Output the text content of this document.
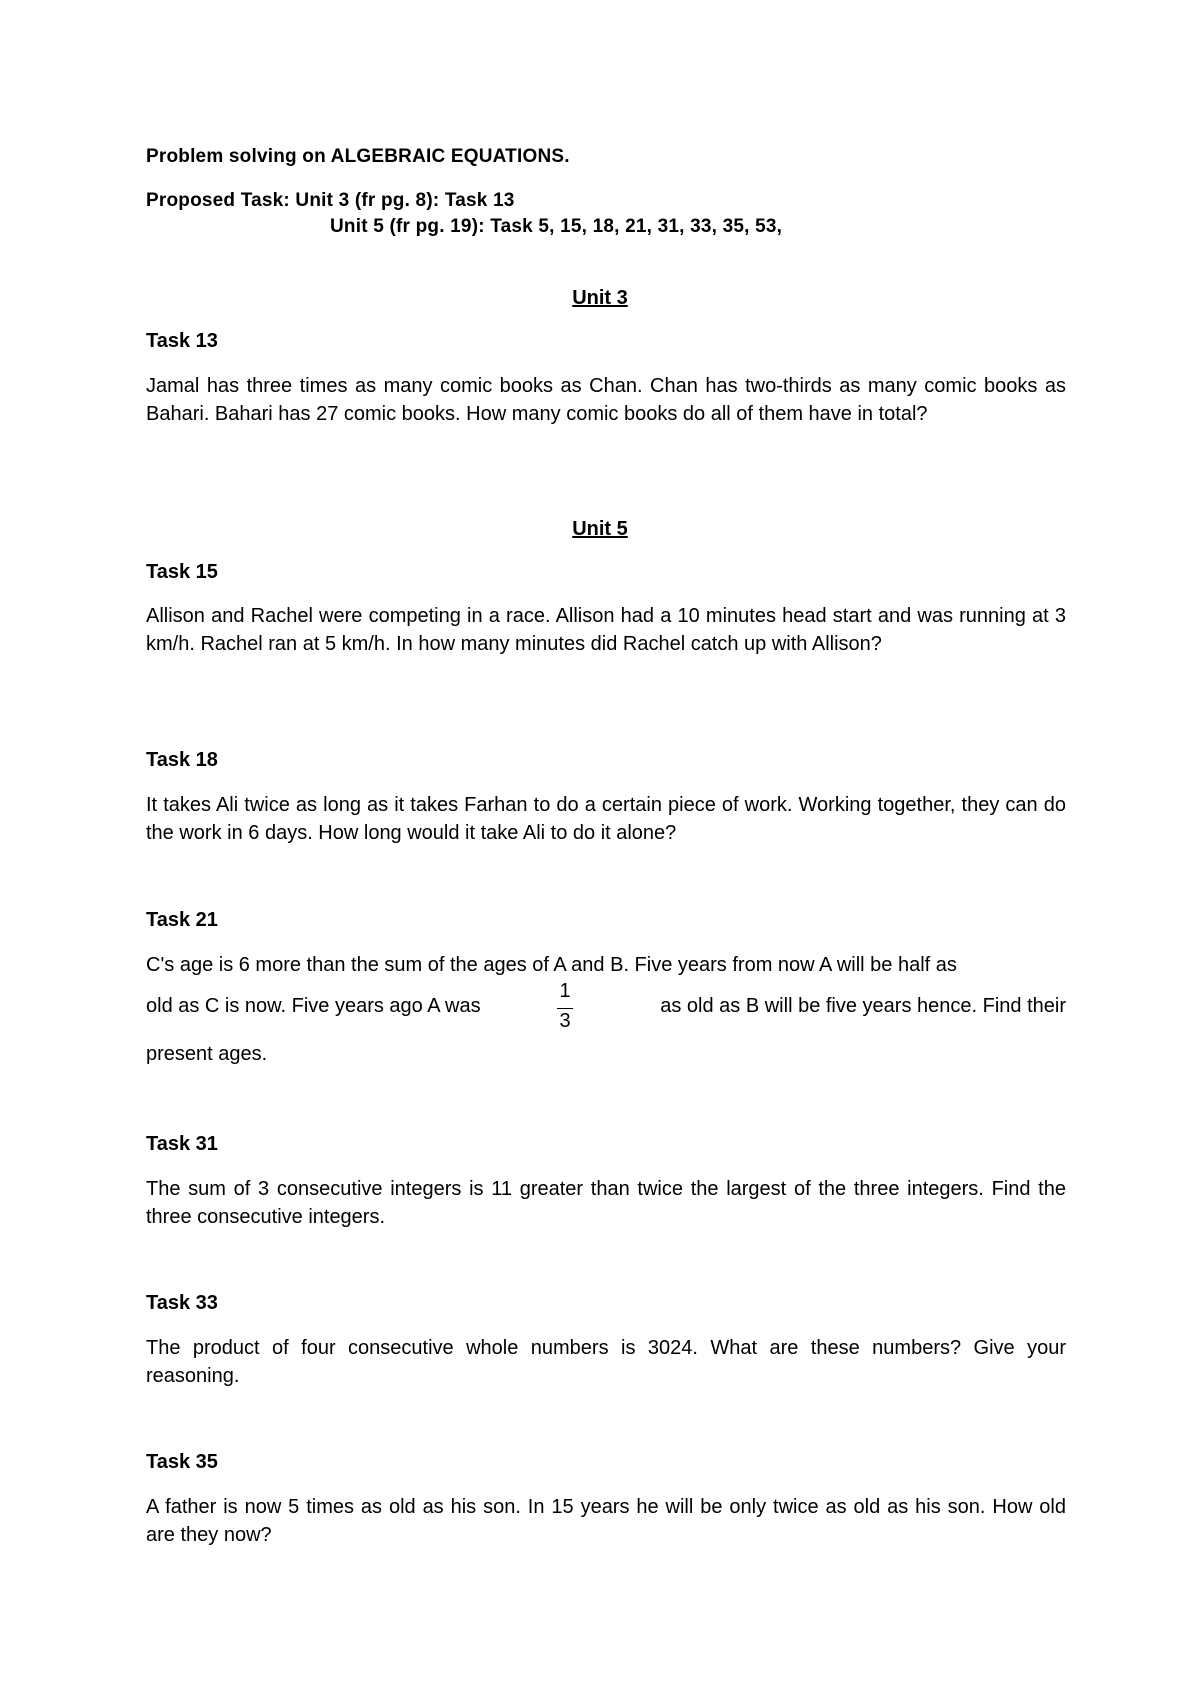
Problem solving on ALGEBRAIC EQUATIONS.

Proposed Task: Unit 3 (fr pg. 8): Task 13

Unit 5 (fr pg. 19): Task 5, 15, 18, 21, 31, 33, 35, 53,

Unit 3

Task 13

Jamal has three times as many comic books as Chan. Chan has two-thirds as many comic books as Bahari. Bahari has 27 comic books. How many comic books do all of them have in total?

Unit 5

Task 15

Allison and Rachel were competing in a race. Allison had a 10 minutes head start and was running at 3 km/h. Rachel ran at 5 km/h. In how many minutes did Rachel catch up with Allison?

Task 18

It takes Ali twice as long as it takes Farhan to do a certain piece of work. Working together, they can do the work in 6 days. How long would it take Ali to do it alone?

Task 21

C's age is 6 more than the sum of the ages of A and B. Five years from now A will be half as

old as C is now. Five years ago A was

1
3

as old as B will be five years hence. Find their

present ages.

Task 31

The sum of 3 consecutive integers is 11 greater than twice the largest of the three integers. Find the three consecutive integers.

Task 33

The product of four consecutive whole numbers is 3024. What are these numbers? Give your reasoning.

Task 35

A father is now 5 times as old as his son. In 15 years he will be only twice as old as his son. How old are they now?
